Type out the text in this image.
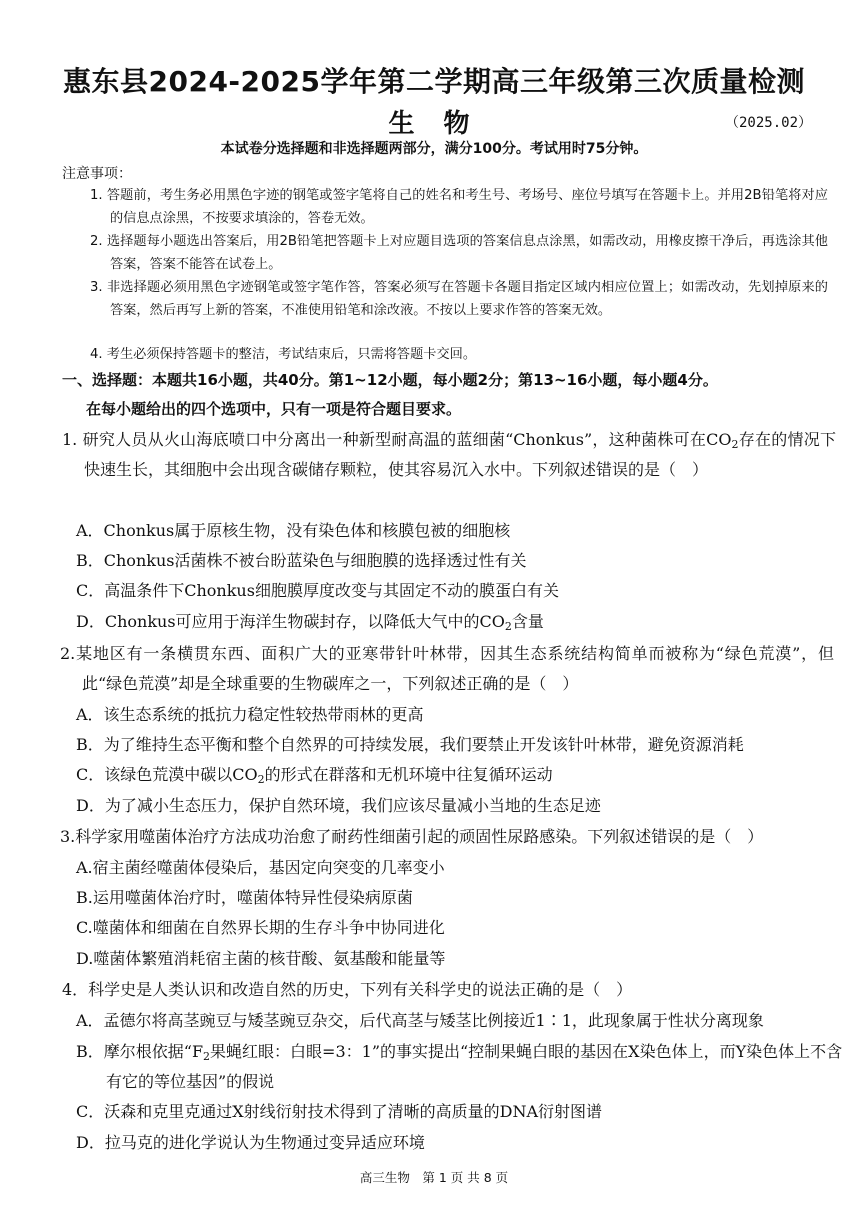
惠东县2024-2025学年第二学期高三年级第三次质量检测
生 物	（2025.02）
本试卷分选择题和非选择题两部分，满分100分。考试用时75分钟。
注意事项：
1. 答题前，考生务必用黑色字迹的钢笔或签字笔将自己的姓名和考生号、考场号、座位号填写在答题卡上。并用2B铅笔将对应的信息点涂黑，不按要求填涂的，答卷无效。
2. 选择题每小题选出答案后，用2B铅笔把答题卡上对应题目选项的答案信息点涂黑，如需改动，用橡皮擦干净后，再选涂其他答案，答案不能答在试卷上。
3. 非选择题必须用黑色字迹钢笔或签字笔作答，答案必须写在答题卡各题目指定区域内相应位置上；如需改动，先划掉原来的答案，然后再写上新的答案，不准使用铅笔和涂改液。不按以上要求作答的答案无效。
4. 考生必须保持答题卡的整洁，考试结束后，只需将答题卡交回。
一、选择题：本题共16小题，共40分。第1~12小题，每小题2分；第13~16小题，每小题4分。
在每小题给出的四个选项中，只有一项是符合题目要求。
1. 研究人员从火山海底喷口中分离出一种新型耐高温的蓝细菌“Chonkus”，这种菌株可在$CO_2$存在的情况下快速生长，其细胞中会出现含碳储存颗粒，使其容易沉入水中。下列叙述错误的是（　）
A．Chonkus属于原核生物，没有染色体和核膜包被的细胞核
B．Chonkus活菌株不被台盼蓝染色与细胞膜的选择透过性有关
C．高温条件下Chonkus细胞膜厚度改变与其固定不动的膜蛋白有关
D．Chonkus可应用于海洋生物碳封存，以降低大气中的$CO_2$含量
2.某地区有一条横贯东西、面积广大的亚寒带针叶林带，因其生态系统结构简单而被称为“绿色荒漠”，但此“绿色荒漠”却是全球重要的生物碳库之一，下列叙述正确的是（　）
A．该生态系统的抵抗力稳定性较热带雨林的更高
B．为了维持生态平衡和整个自然界的可持续发展，我们要禁止开发该针叶林带，避免资源消耗
C．该绿色荒漠中碳以$CO_2$的形式在群落和无机环境中往复循环运动
D．为了减小生态压力，保护自然环境，我们应该尽量减小当地的生态足迹
3.科学家用噬菌体治疗方法成功治愈了耐药性细菌引起的顽固性尿路感染。下列叙述错误的是（　）
A.宿主菌经噬菌体侵染后，基因定向突变的几率变小
B.运用噬菌体治疗时，噬菌体特异性侵染病原菌
C.噬菌体和细菌在自然界长期的生存斗争中协同进化
D.噬菌体繁殖消耗宿主菌的核苷酸、氨基酸和能量等
4．科学史是人类认识和改造自然的历史，下列有关科学史的说法正确的是（　）
A．孟德尔将高茎豌豆与矮茎豌豆杂交，后代高茎与矮茎比例接近1∶1，此现象属于性状分离现象
B．摩尔根依据“$F_2$果蝇红眼：白眼=3：1”的事实提出“控制果蝇白眼的基因在X染色体上，而Y染色体上不含有它的等位基因”的假说
C．沃森和克里克通过X射线衍射技术得到了清晰的高质量的DNA衍射图谱
D．拉马克的进化学说认为生物通过变异适应环境
高三生物　第 1 页 共 8 页
